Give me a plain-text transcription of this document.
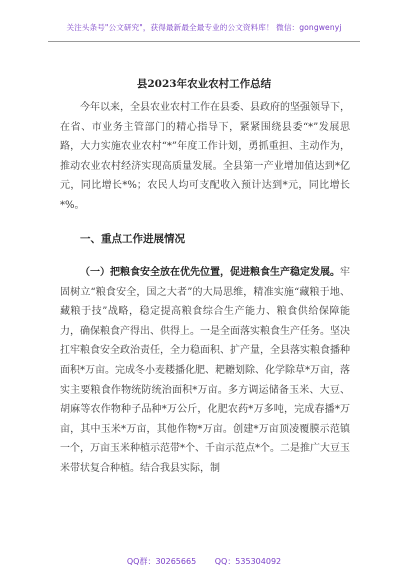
关注头条号"公文研究"，获得最新最全最专业的公文资料库！ 微信：gongwenyj
县2023年农业农村工作总结

今年以来，全县农业农村工作在县委、县政府的坚强领导下，在省、市业务主管部门的精心指导下，紧紧围绕县委“*”发展思路，大力实施农业农村“*”年度工作计划，勇抓重担、主动作为，推动农业农村经济实现高质量发展。全县第一产业增加值达到*亿元，同比增长*%；农民人均可支配收入预计达到*元，同比增长*%。

一、重点工作进展情况

（一）把粮食安全放在优先位置，促进粮食生产稳定发展。牢固树立“粮食安全，国之大者”的大局思维，精准实施“藏粮于地、藏粮于技”战略，稳定提高粮食综合生产能力、粮食供给保障能力，确保粮食产得出、供得上。一是全面落实粮食生产任务。坚决扛牢粮食安全政治责任，全力稳面积、扩产量，全县落实粮食播种面积*万亩。完成冬小麦耧播化肥、耙耱划除、化学除草*万亩，落实主要粮食作物统防统治面积*万亩。多方调运储备玉米、大豆、胡麻等农作物种子品种*万公斤，化肥农药*万多吨，完成春播*万亩，其中玉米*万亩，其他作物*万亩。创建*万亩顶凌覆膜示范镇一个，万亩玉米种植示范带*个、千亩示范点*个。二是推广大豆玉米带状复合种植。结合我县实际，制

QQ群：30265665 QQ：535304092
